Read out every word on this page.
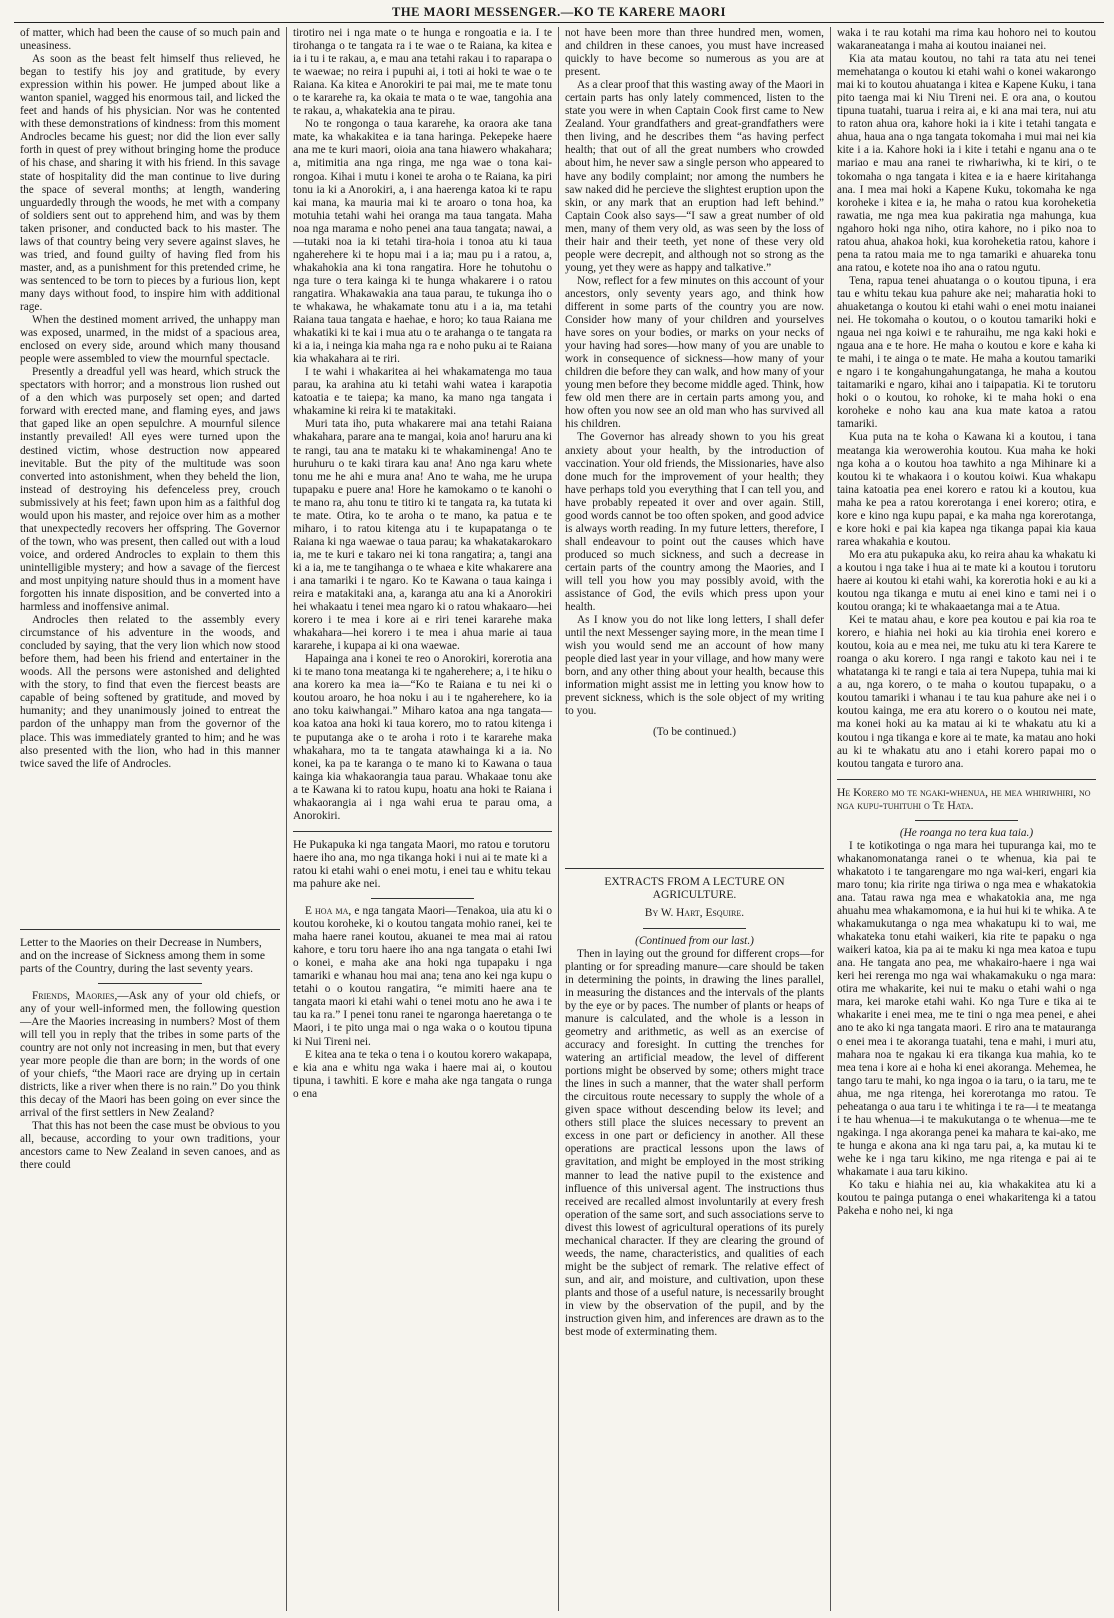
THE MAORI MESSENGER.—KO TE KARERE MAORI

of matter, which had been the cause of so much pain and uneasiness.

As soon as the beast felt himself thus relieved, he began to testify his joy and gratitude, by every expression within his power. He jumped about like a wanton spaniel, wagged his enormous tail, and licked the feet and hands of his physician. Nor was he contented with these demonstrations of kindness: from this moment Androcles became his guest; nor did the lion ever sally forth in quest of prey without bringing home the produce of his chase, and sharing it with his friend. In this savage state of hospitality did the man continue to live during the space of several months; at length, wandering unguardedly through the woods, he met with a company of soldiers sent out to apprehend him, and was by them taken prisoner, and conducted back to his master. The laws of that country being very severe against slaves, he was tried, and found guilty of having fled from his master, and, as a punishment for this pretended crime, he was sentenced to be torn to pieces by a furious lion, kept many days without food, to inspire him with additional rage.

When the destined moment arrived, the unhappy man was exposed, unarmed, in the midst of a spacious area, enclosed on every side, around which many thousand people were assembled to view the mournful spectacle.

Presently a dreadful yell was heard, which struck the spectators with horror; and a monstrous lion rushed out of a den which was purposely set open; and darted forward with erected mane, and flaming eyes, and jaws that gaped like an open sepulchre. A mournful silence instantly prevailed! All eyes were turned upon the destined victim, whose destruction now appeared inevitable. But the pity of the multitude was soon converted into astonishment, when they beheld the lion, instead of destroying his defenceless prey, crouch submissively at his feet; fawn upon him as a faithful dog would upon his master, and rejoice over him as a mother that unexpectedly recovers her offspring. The Governor of the town, who was present, then called out with a loud voice, and ordered Androcles to explain to them this unintelligible mystery; and how a savage of the fiercest and most unpitying nature should thus in a moment have forgotten his innate disposition, and be converted into a harmless and inoffensive animal.

Androcles then related to the assembly every circumstance of his adventure in the woods, and concluded by saying, that the very lion which now stood before them, had been his friend and entertainer in the woods. All the persons were astonished and delighted with the story, to find that even the fiercest beasts are capable of being softened by gratitude, and moved by humanity; and they unanimously joined to entreat the pardon of the unhappy man from the governor of the place. This was immediately granted to him; and he was also presented with the lion, who had in this manner twice saved the life of Androcles.

Letter to the Maories on their Decrease in Numbers, and on the increase of Sickness among them in some parts of the Country, during the last seventy years.

Friends, Maories,—Ask any of your old chiefs, or any of your well-informed men, the following question—Are the Maories increasing in numbers? Most of them will tell you in reply that the tribes in some parts of the country are not only not increasing in men, but that every year more people die than are born; in the words of one of your chiefs, “the Maori race are drying up in certain districts, like a river when there is no rain.” Do you think this decay of the Maori has been going on ever since the arrival of the first settlers in New Zealand?

That this has not been the case must be obvious to you all, because, according to your own traditions, your ancestors came to New Zealand in seven canoes, and as there could

tirotiro nei i nga mate o te hunga e rongoatia e ia. I te tirohanga o te tangata ra i te wae o te Raiana, ka kitea e ia i tu i te rakau, a, e mau ana tetahi rakau i to raparapa o te waewae; no reira i pupuhi ai, i toti ai hoki te wae o te Raiana. Ka kitea e Anorokiri te pai mai, me te mate tonu o te kararehe ra, ka okaia te mata o te wae, tangohia ana te rakau, a, whakatekia ana te pirau.

No te rongonga o taua kararehe, ka oraora ake tana mate, ka whakakitea e ia tana haringa. Pekepeke haere ana me te kuri maori, oioia ana tana hiawero whakahara; a, mitimitia ana nga ringa, me nga wae o tona kai-rongoa. Kihai i mutu i konei te aroha o te Raiana, ka piri tonu ia ki a Anorokiri, a, i ana haerenga katoa ki te rapu kai mana, ka mauria mai ki te aroaro o tona hoa, ka motuhia tetahi wahi hei oranga ma taua tangata. Maha noa nga marama e noho penei ana taua tangata; nawai, a—tutaki noa ia ki tetahi tira-hoia i tonoa atu ki taua ngaherehere ki te hopu mai i a ia; mau pu i a ratou, a, whakahokia ana ki tona rangatira. Hore he tohutohu o nga ture o tera kainga ki te hunga whakarere i o ratou rangatira. Whakawakia ana taua parau, te tukunga iho o te whakawa, he whakamate tonu atu i a ia, ma tetahi Raiana taua tangata e haehae, e horo; ko taua Raiana me whakatiki ki te kai i mua atu o te arahanga o te tangata ra ki a ia, i neinga kia maha nga ra e noho puku ai te Raiana kia whakahara ai te riri.

I te wahi i whakaritea ai hei whakamatenga mo taua parau, ka arahina atu ki tetahi wahi watea i karapotia katoatia e te taiepa; ka mano, ka mano nga tangata i whakamine ki reira ki te matakitaki.

Muri tata iho, puta whakarere mai ana tetahi Raiana whakahara, parare ana te mangai, koia ano! haruru ana ki te rangi, tau ana te mataku ki te whakaminenga! Ano te huruhuru o te kaki tirara kau ana! Ano nga karu whete tonu me he ahi e mura ana! Ano te waha, me he urupa tupapaku e puere ana! Hore he kamokamo o te kanohi o te mano ra, ahu tonu te titiro ki te tangata ra, ka tutata ki te mate. Otira, ko te aroha o te mano, ka patua e te miharo, i to ratou kitenga atu i te kupapatanga o te Raiana ki nga waewae o taua parau; ka whakatakarokaro ia, me te kuri e takaro nei ki tona rangatira; a, tangi ana ki a ia, me te tangihanga o te whaea e kite whakarere ana i ana tamariki i te ngaro. Ko te Kawana o taua kainga i reira e matakitaki ana, a, karanga atu ana ki a Anorokiri hei whakaatu i tenei mea ngaro ki o ratou whakaaro—hei korero i te mea i kore ai e riri tenei kararehe maka whakahara—hei korero i te mea i ahua marie ai taua kararehe, i kupapa ai ki ona waewae.

Hapainga ana i konei te reo o Anorokiri, korerotia ana ki te mano tona meatanga ki te ngaherehere; a, i te hiku o ana korero ka mea ia—“Ko te Raiana e tu nei ki o koutou aroaro, he hoa noku i au i te ngaherehere, ko ia ano toku kaiwhangai.” Miharo katoa ana nga tangata—koa katoa ana hoki ki taua korero, mo to ratou kitenga i te puputanga ake o te aroha i roto i te kararehe maka whakahara, mo ta te tangata atawhainga ki a ia. No konei, ka pa te karanga o te mano ki to Kawana o taua kainga kia whakaorangia taua parau. Whakaae tonu ake a te Kawana ki to ratou kupu, hoatu ana hoki te Raiana i whakaorangia ai i nga wahi erua te parau oma, a Anorokiri.

He Pukapuka ki nga tangata Maori, mo ratou e torutoru haere iho ana, mo nga tikanga hoki i nui ai te mate ki a ratou ki etahi wahi o enei motu, i enei tau e whitu tekau ma pahure ake nei.

E hoa ma, e nga tangata Maori—Tenakoa, uia atu ki o koutou koroheke, ki o koutou tangata mohio ranei, kei te maha haere ranei koutou, akuanei te mea mai ai ratou kahore, e toru toru haere iho ana nga tangata o etahi Iwi o konei, e maha ake ana hoki nga tupapaku i nga tamariki e whanau hou mai ana; tena ano kei nga kupu o tetahi o o koutou rangatira, “e mimiti haere ana te tangata maori ki etahi wahi o tenei motu ano he awa i te tau ka ra.” I penei tonu ranei te ngaronga haeretanga o te Maori, i te pito unga mai o nga waka o o koutou tipuna ki Nui Tireni nei.

E kitea ana te teka o tena i o koutou korero wakapapa, e kia ana e whitu nga waka i haere mai ai, o koutou tipuna, i tawhiti. E kore e maha ake nga tangata o runga o ena

not have been more than three hundred men, women, and children in these canoes, you must have increased quickly to have become so numerous as you are at present.

As a clear proof that this wasting away of the Maori in certain parts has only lately commenced, listen to the state you were in when Captain Cook first came to New Zealand. Your grandfathers and great-grandfathers were then living, and he describes them “as having perfect health; that out of all the great numbers who crowded about him, he never saw a single person who appeared to have any bodily complaint; nor among the numbers he saw naked did he percieve the slightest eruption upon the skin, or any mark that an eruption had left behind.” Captain Cook also says—“I saw a great number of old men, many of them very old, as was seen by the loss of their hair and their teeth, yet none of these very old people were decrepit, and although not so strong as the young, yet they were as happy and talkative.”

Now, reflect for a few minutes on this account of your ancestors, only seventy years ago, and think how different in some parts of the country you are now. Consider how many of your children and yourselves have sores on your bodies, or marks on your necks of your having had sores—how many of you are unable to work in consequence of sickness—how many of your children die before they can walk, and how many of your young men before they become middle aged. Think, how few old men there are in certain parts among you, and how often you now see an old man who has survived all his children.

The Governor has already shown to you his great anxiety about your health, by the introduction of vaccination. Your old friends, the Missionaries, have also done much for the improvement of your health; they have perhaps told you everything that I can tell you, and have probably repeated it over and over again. Still, good words cannot be too often spoken, and good advice is always worth reading. In my future letters, therefore, I shall endeavour to point out the causes which have produced so much sickness, and such a decrease in certain parts of the country among the Maories, and I will tell you how you may possibly avoid, with the assistance of God, the evils which press upon your health.

As I know you do not like long letters, I shall defer until the next Messenger saying more, in the mean time I wish you would send me an account of how many people died last year in your village, and how many were born, and any other thing about your health, because this information might assist me in letting you know how to prevent sickness, which is the sole object of my writing to you.

(To be continued.)

EXTRACTS FROM A LECTURE ON AGRICULTURE.

By W. Hart, Esquire.

(Continued from our last.)

Then in laying out the ground for different crops—for planting or for spreading manure—care should be taken in determining the points, in drawing the lines parallel, in measuring the distances and the intervals of the plants by the eye or by paces. The number of plants or heaps of manure is calculated, and the whole is a lesson in geometry and arithmetic, as well as an exercise of accuracy and foresight. In cutting the trenches for watering an artificial meadow, the level of different portions might be observed by some; others might trace the lines in such a manner, that the water shall perform the circuitous route necessary to supply the whole of a given space without descending below its level; and others still place the sluices necessary to prevent an excess in one part or deficiency in another. All these operations are practical lessons upon the laws of gravitation, and might be employed in the most striking manner to lead the native pupil to the existence and influence of this universal agent. The instructions thus received are recalled almost involuntarily at every fresh operation of the same sort, and such associations serve to divest this lowest of agricultural operations of its purely mechanical character. If they are clearing the ground of weeds, the name, characteristics, and qualities of each might be the subject of remark. The relative effect of sun, and air, and moisture, and cultivation, upon these plants and those of a useful nature, is necessarily brought in view by the observation of the pupil, and by the instruction given him, and inferences are drawn as to the best mode of exterminating them.

waka i te rau kotahi ma rima kau hohoro nei to koutou wakaraneatanga i maha ai koutou inaianei nei.

Kia ata matau koutou, no tahi ra tata atu nei tenei memehatanga o koutou ki etahi wahi o konei wakarongo mai ki to koutou ahuatanga i kitea e Kapene Kuku, i tana pito taenga mai ki Niu Tireni nei. E ora ana, o koutou tipuna tuatahi, tuarua i reira ai, e ki ana mai tera, nui atu to raton ahua ora, kahore hoki ia i kite i tetahi tangata e ahua, haua ana o nga tangata tokomaha i mui mai nei kia kite i a ia. Kahore hoki ia i kite i tetahi e nganu ana o te mariao e mau ana ranei te riwhariwha, ki te kiri, o te tokomaha o nga tangata i kitea e ia e haere kiritahanga ana. I mea mai hoki a Kapene Kuku, tokomaha ke nga koroheke i kitea e ia, he maha o ratou kua koroheketia rawatia, me nga mea kua pakiratia nga mahunga, kua ngahoro hoki nga niho, otira kahore, no i piko noa to ratou ahua, ahakoa hoki, kua koroheketia ratou, kahore i pena ta ratou maia me to nga tamariki e ahuareka tonu ana ratou, e kotete noa iho ana o ratou ngutu.

Tena, rapua tenei ahuatanga o o koutou tipuna, i era tau e whitu tekau kua pahure ake nei; maharatia hoki to ahuaketanga o koutou ki etahi wahi o enei motu inaianei nei. He tokomaha o koutou, o o koutou tamariki hoki e ngaua nei nga koiwi e te rahuraihu, me nga kaki hoki e ngaua ana e te hore. He maha o koutou e kore e kaha ki te mahi, i te ainga o te mate. He maha a koutou tamariki e ngaro i te kongahungahungatanga, he maha a koutou taitamariki e ngaro, kihai ano i taipapatia. Ki te torutoru hoki o o koutou, ko rohoke, ki te maha hoki o ena koroheke e noho kau ana kua mate katoa a ratou tamariki.

Kua puta na te koha o Kawana ki a koutou, i tana meatanga kia werowerohia koutou. Kua maha ke hoki nga koha a o koutou hoa tawhito a nga Mihinare ki a koutou ki te whakaora i o koutou koiwi. Kua whakapu taina katoatia pea enei korero e ratou ki a koutou, kua maha ke pea a ratou korerotanga i enei korero; otira, e kore e kino nga kupu papai, e ka maha nga korerotanga, e kore hoki e pai kia kapea nga tikanga papai kia kaua rarea whakahia e koutou.

Mo era atu pukapuka aku, ko reira ahau ka whakatu ki a koutou i nga take i hua ai te mate ki a koutou i torutoru haere ai koutou ki etahi wahi, ka korerotia hoki e au ki a koutou nga tikanga e mutu ai enei kino e tami nei i o koutou oranga; ki te whakaaetanga mai a te Atua.

Kei te matau ahau, e kore pea koutou e pai kia roa te korero, e hiahia nei hoki au kia tirohia enei korero e koutou, koia au e mea nei, me tuku atu ki tera Karere te roanga o aku korero. I nga rangi e takoto kau nei i te whatatanga ki te rangi e taia ai tera Nupepa, tuhia mai ki a au, nga korero, o te maha o koutou tupapaku, o a koutou tamariki i whanau i te tau kua pahure ake nei i o koutou kainga, me era atu korero o o koutou nei mate, ma konei hoki au ka matau ai ki te whakatu atu ki a koutou i nga tikanga e kore ai te mate, ka matau ano hoki au ki te whakatu atu ano i etahi korero papai mo o koutou tangata e turoro ana.

He Korero mo te ngaki-whenua, he mea whiriwhiri, no nga kupu-tuhituhi o Te Hata.

(He roanga no tera kua taia.)

I te kotikotinga o nga mara hei tupuranga kai, mo te whakanomonatanga ranei o te whenua, kia pai te whakatoto i te tangarengare mo nga wai-keri, engari kia maro tonu; kia ririte nga tiriwa o nga mea e whakatokia ana. Tatau rawa nga mea e whakatokia ana, me nga ahuahu mea whakamomona, e ia hui hui ki te whika. A te whakamukutanga o nga mea whakatupu ki to wai, me whakateka tonu etahi waikeri, kia rite te papaku o nga waikeri katoa, kia pa ai te maku ki nga mea katoa e tupu ana. He tangata ano pea, me whakairo-haere i nga wai keri hei rerenga mo nga wai whakamakuku o nga mara: otira me whakarite, kei nui te maku o etahi wahi o nga mara, kei maroke etahi wahi. Ko nga Ture e tika ai te whakarite i enei mea, me te tini o nga mea penei, e ahei ano te ako ki nga tangata maori. E riro ana te matauranga o enei mea i te akoranga tuatahi, tena e mahi, i muri atu, mahara noa te ngakau ki era tikanga kua mahia, ko te mea tena i kore ai e hoha ki enei akoranga. Mehemea, he tango taru te mahi, ko nga ingoa o ia taru, o ia taru, me te ahua, me nga ritenga, hei korerotanga mo ratou. Te peheatanga o aua taru i te whitinga i te ra—i te meatanga i te hau whenua—i te makukutanga o te whenua—me te ngakinga. I nga akoranga penei ka mahara te kai-ako, me te hunga e akona ana ki nga taru pai, a, ka mutau ki te wehe ke i nga taru kikino, me nga ritenga e pai ai te whakamate i aua taru kikino.

Ko taku e hiahia nei au, kia whakakitea atu ki a koutou te painga putanga o enei whakaritenga ki a tatou Pakeha e noho nei, ki nga
